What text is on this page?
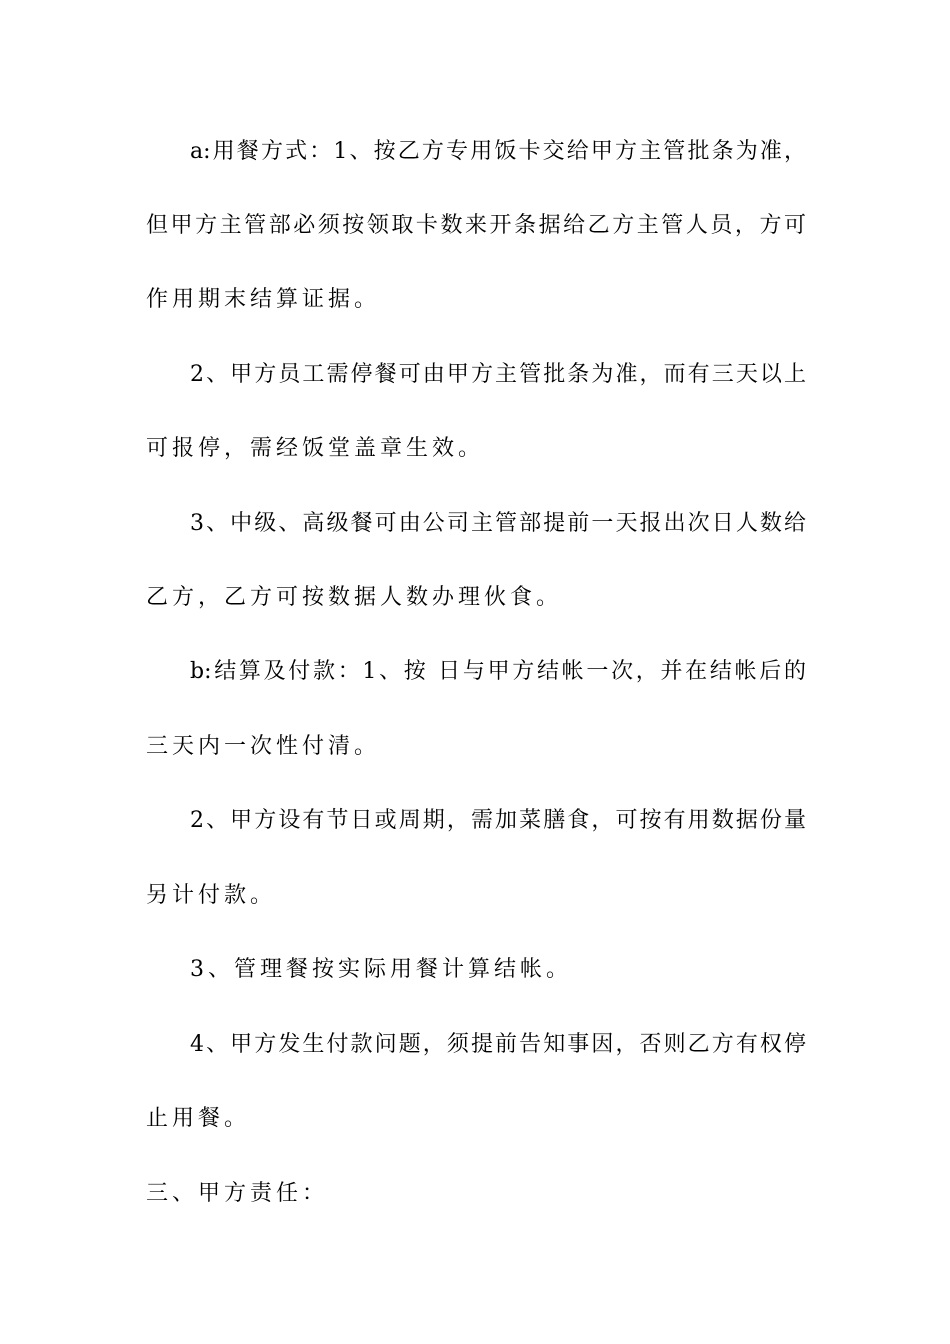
a:用餐方式：1、按乙方专用饭卡交给甲方主管批条为准，
但甲方主管部必须按领取卡数来开条据给乙方主管人员，方可
作用期末结算证据。
2、甲方员工需停餐可由甲方主管批条为准，而有三天以上
可报停，需经饭堂盖章生效。
3、中级、高级餐可由公司主管部提前一天报出次日人数给
乙方，乙方可按数据人数办理伙食。
b:结算及付款：1、按 日与甲方结帐一次，并在结帐后的
三天内一次性付清。
2、甲方设有节日或周期，需加菜膳食，可按有用数据份量
另计付款。
3、管理餐按实际用餐计算结帐。
4、甲方发生付款问题，须提前告知事因，否则乙方有权停
止用餐。
三、甲方责任：
